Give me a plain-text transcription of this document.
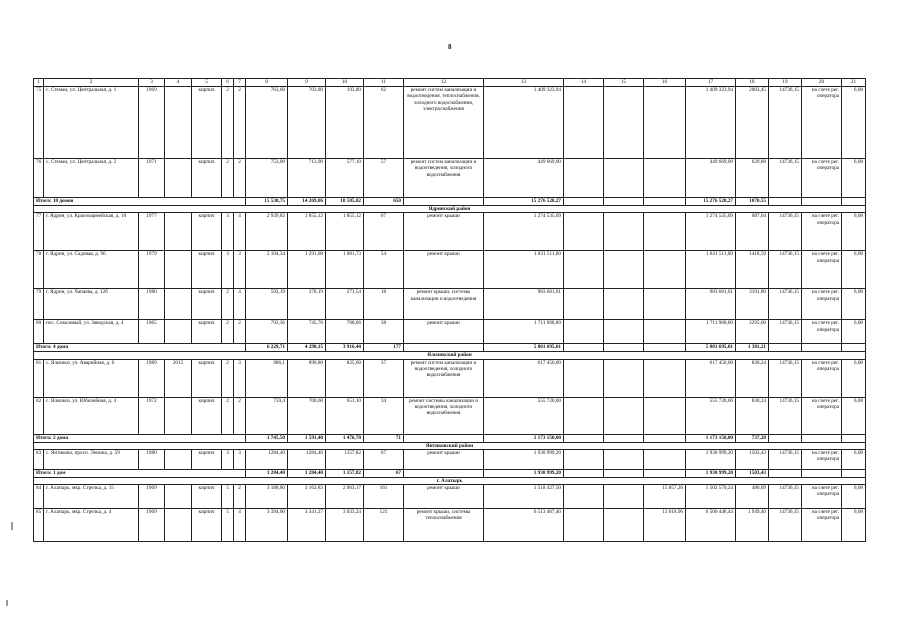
8
1	2	3	4	5	6	7	8	9	10	11	12	13	14	15	16	17	18	19	20	21
75	с. Стемаи, ул. Центральная, д. 1	1969		кирпич	2	2	763,60	703,80	193,80	62	ремонт систем канализации и водоотведения, теплоснабжения, холодного водоснабжения, электроснабжения	1 409 323,94				1 409 323,94	2003,45	14736,15	на счете рег. оператора	6,08
76	с. Стемаи, ул. Центральная, д. 2	1971		кирпич	2	2	753,00	713,90	577,10	57	ремонт систем канализации и водоотведения, холодного водоснабжения	449 669,00				449 669,00	629,88	14736,15	на счете рег. оператора	6,08
Итого: 10 домов							15 530,75	14 269,86	10 585,02	650		15 276 520,27				15 276 520,27	1070,55			
Ядринский район																				
77	г. Ядрин, ул. Красноармейская, д. 10	1977		кирпич	3	4	2 939,82	1 855,12	1 855,12	67	ремонт крыши	1 274 535,09				1 274 535,09	687,04	14736,15	на счете рег. оператора	6,08
78	г. Ядрин, ул. Садовая, д. 96	1979		кирпич	3	3	2 104,34	1 291,08	1 081,73	54	ремонт крыши	1 831 511,00				1 831 511,00	1418,59	14736,15	на счете рег. оператора	6,08
79	г. Ядрин, ул. Чапаева, д. 12б	1980		кирпич	2	4	592,19	378,19	271,54	18	ремонт крыши, системы канализации и водоотведения	983 681,01				983 681,01	3191,80	14736,15	на счете рег. оператора	6,08
80	пос. Соколовый, ул. Заводская, д. 4	1965		кирпич	2	2	793,36	745,76	708,06	38	ремонт крыши	1 711 968,00				1 711 968,00	2295,60	14736,15	на счете рег. оператора	6,08
Итого: 4 дома							6 229,71	4 290,15	3 916,44	177		5 801 695,01				5 801 695,01	1 381,21			
Яльчикский район																				
81	с. Яльчики, ул. Аварийная, д. 6	1989	2015	кирпич	2	3	986,1	890,80	825,60	37	ремонт систем канализации и водоотведения, холодного водоснабжения	617 450,00				617 450,00	830,24	14736,15	на счете рег. оператора	6,08
82	с. Яльчики, ул. Юбилейная, д. 4	1972		кирпич	2	2	759,4	700,60	651,10	34	ремонт системы канализации и водоотведения, холодного водоснабжения	555 720,00				555 720,00	830,24	14736,15	на счете рег. оператора	6,08
Итого: 2 дома							1 745,50	1 591,40	1 476,70	71		1 173 150,00				1 173 150,00	737,28			
Янтиковский район																				
83	с. Янтиково, просп. Ленина, д. 59	1980		кирпич	3	3	1284,40	1284,40	1157,82	67	ремонт крыши	1 930 999,20				1 930 999,20	1503,43	14736,15	на счете рег. оператора	6,08
Итого: 1 дом							1 284,40	1 284,40	1 157,82	67		1 930 999,20				1 930 999,20	1503,43			
г. Алатырь																				
84	г. Алатырь, мкр. Стрелка, д. 15	1969		кирпич	5	2	3 188,80	3 162,83	2 963,17	161	ремонт крыши	1 518 427,50			15 857,26	1 502 570,24	480,09	14736,15	на счете рег. оператора	6,08
85	г. Алатырь, мкр. Стрелка, д. 4	1969		кирпич	5	4	3 394,00	3 341,27	3 033,24	121	ремонт крыши, системы теплоснабжения	6 513 467,40			13 018,96	6 500 448,44	1 949,40	14736,15	на счете рег. оператора	6,08
